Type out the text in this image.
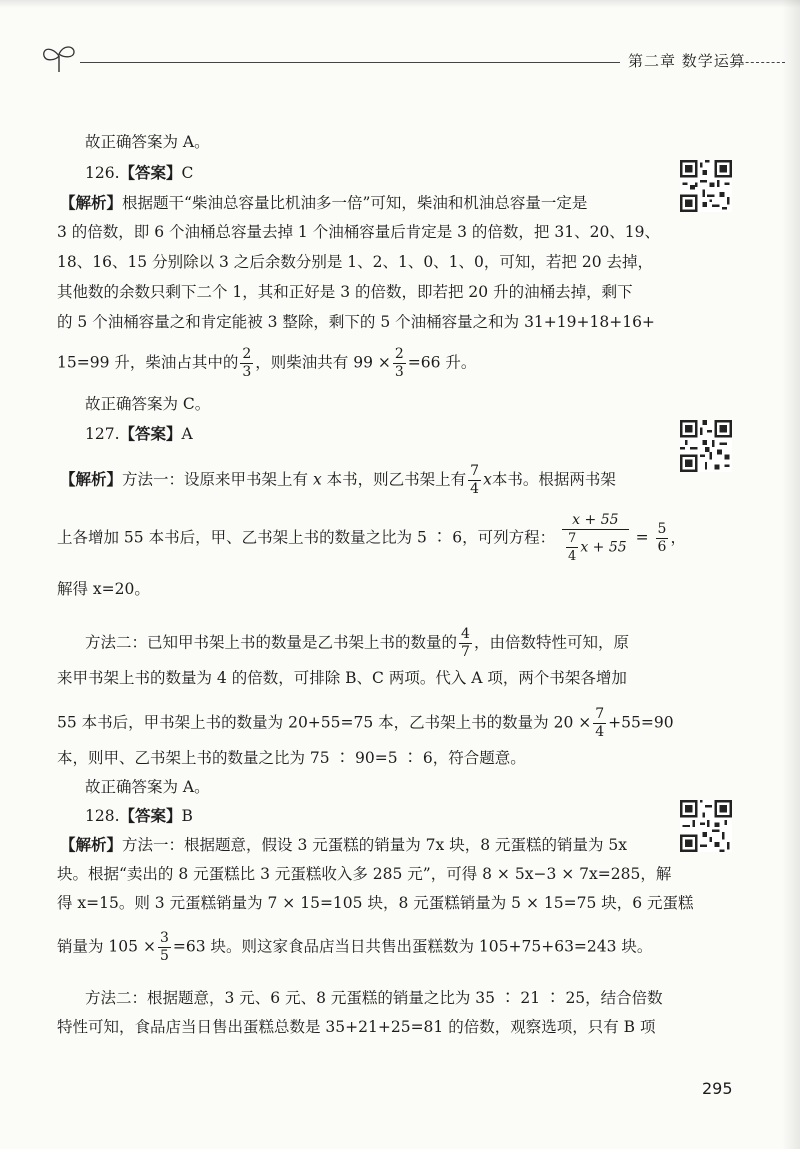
第二章 数学运算
故正确答案为 A。
126.【答案】C
【解析】根据题干“柴油总容量比机油多一倍”可知，柴油和机油总容量一定是
3 的倍数，即 6 个油桶总容量去掉 1 个油桶容量后肯定是 3 的倍数，把 31、20、19、
18、16、15 分别除以 3 之后余数分别是 1、2、1、0、1、0，可知，若把 20 去掉，
其他数的余数只剩下二个 1，其和正好是 3 的倍数，即若把 20 升的油桶去掉，剩下
的 5 个油桶容量之和肯定能被 3 整除，剩下的 5 个油桶容量之和为 31+19+18+16+
15=99 升，柴油占其中的 $\frac{2}{3}$ ，则柴油共有 $99 \times \frac{2}{3} =66$ 升。
故正确答案为 C。
127.【答案】A
【解析】方法一：设原来甲书架上有 x 本书，则乙书架上有 $\frac{7}{4}$ x本书。根据两书架
上各增加 55 本书后，甲、乙书架上书的数量之比为 5 ∶ 6，可列方程： $\frac{x + 55}{\frac{7}{4} x + 55} = \frac{5}{6}$ ，
解得 x=20。
方法二：已知甲书架上书的数量是乙书架上书的数量的 $\frac{4}{7}$ ，由倍数特性可知，原
来甲书架上书的数量为 4 的倍数，可排除 B、C 两项。代入 A 项，两个书架各增加
55 本书后，甲书架上书的数量为 20+55=75 本，乙书架上书的数量为 $20 \times \frac{7}{4} +55=90$
本，则甲、乙书架上书的数量之比为 75 ∶ 90=5 ∶ 6，符合题意。
故正确答案为 A。
128.【答案】B
【解析】方法一：根据题意，假设 3 元蛋糕的销量为 7x 块，8 元蛋糕的销量为 5x
块。根据“卖出的 8 元蛋糕比 3 元蛋糕收入多 285 元”，可得 8 × 5x−3 × 7x=285，解
得 x=15。则 3 元蛋糕销量为 7 × 15=105 块，8 元蛋糕销量为 5 × 15=75 块，6 元蛋糕
销量为 $105 \times \frac{3}{5} =63$ 块。则这家食品店当日共售出蛋糕数为 105+75+63=243 块。
方法二：根据题意，3 元、6 元、8 元蛋糕的销量之比为 35 ∶ 21 ∶ 25，结合倍数
特性可知，食品店当日售出蛋糕总数是 35+21+25=81 的倍数，观察选项，只有 B 项
295
